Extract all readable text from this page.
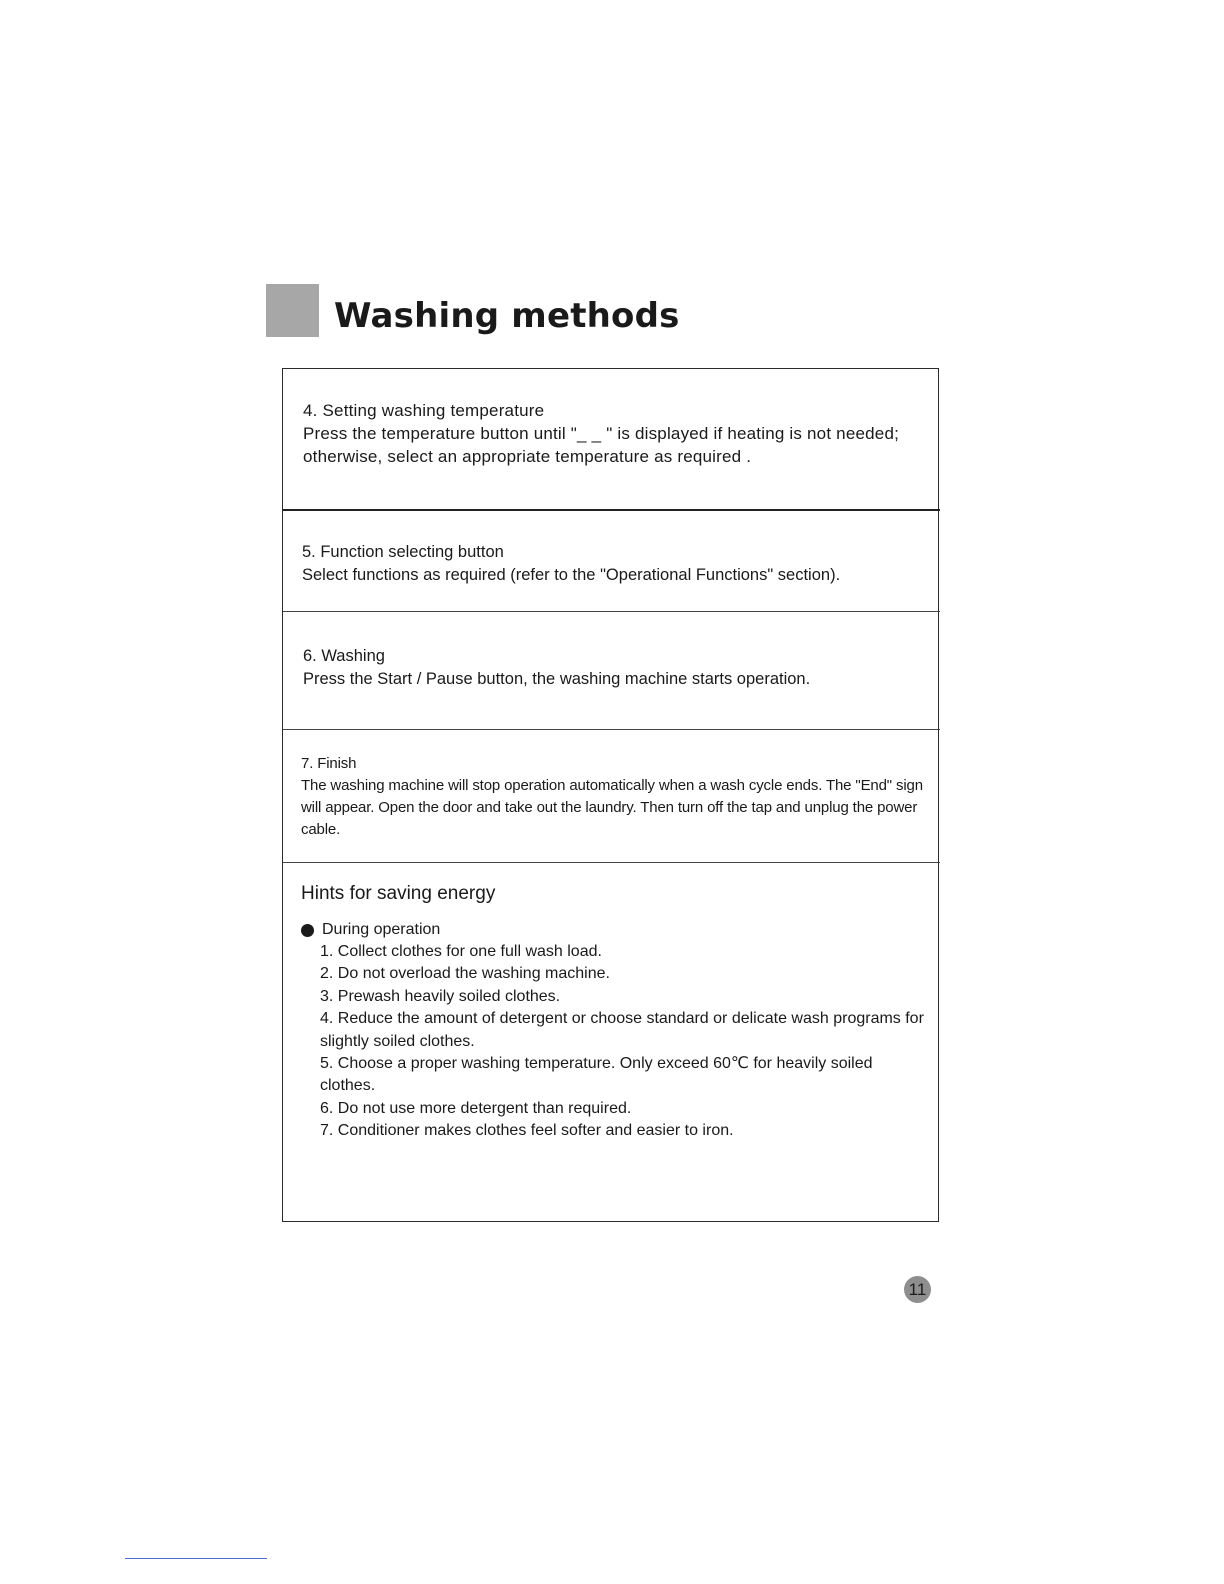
Washing methods

4. Setting washing temperature

Press the temperature button until "_ _ " is displayed if heating is not needed; otherwise, select an appropriate temperature as required .

5. Function selecting button

Select functions as required (refer to the "Operational Functions" section).

6. Washing

Press the Start / Pause button, the washing machine starts operation.

7. Finish

The washing machine will stop operation automatically when a wash cycle ends. The "End" sign will appear. Open the door and take out the laundry. Then turn off the tap and unplug the power cable.

Hints for saving energy

During operation

1. Collect clothes for one full wash load.
2. Do not overload the washing machine.
3. Prewash heavily soiled clothes.
4. Reduce the amount of detergent or choose standard or delicate wash programs for slightly soiled clothes.
5. Choose a proper washing temperature. Only exceed 60℃ for heavily soiled clothes.
6. Do not use more detergent than required.
7. Conditioner makes clothes feel softer and easier to iron.
11
